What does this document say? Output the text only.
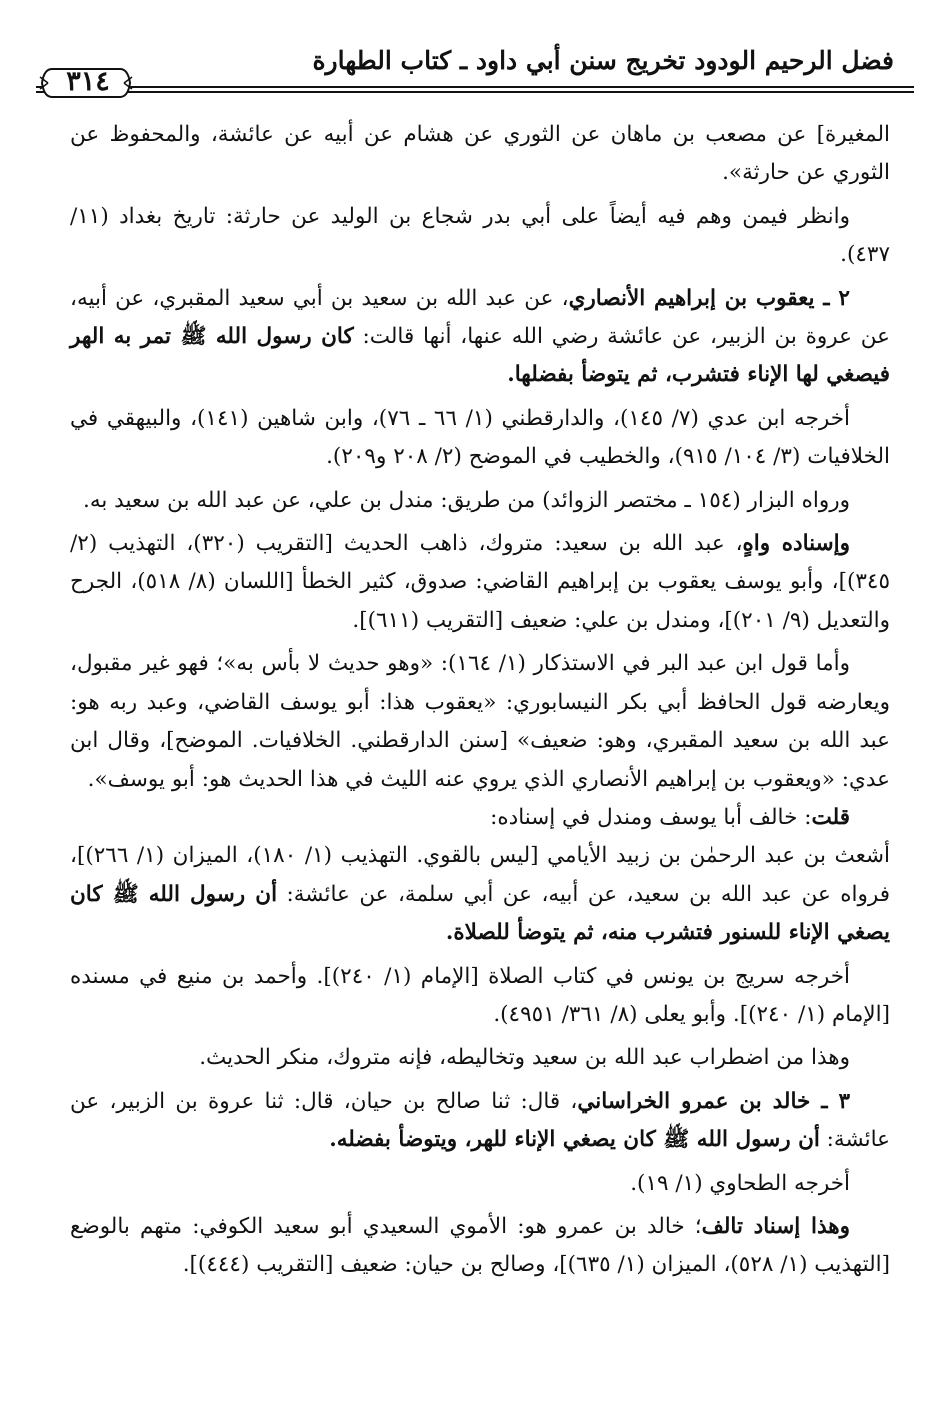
فضل الرحيم الودود تخريج سنن أبي داود ـ كتاب الطهارة
٣١٤

المغيرة] عن مصعب بن ماهان عن الثوري عن هشام عن أبيه عن عائشة، والمحفوظ عن الثوري عن حارثة».

وانظر فيمن وهم فيه أيضاً على أبي بدر شجاع بن الوليد عن حارثة: تاريخ بغداد (١١/ ٤٣٧).

٢ ـ يعقوب بن إبراهيم الأنصاري، عن عبد الله بن سعيد بن أبي سعيد المقبري، عن أبيه، عن عروة بن الزبير، عن عائشة رضي الله عنها، أنها قالت: كان رسول الله ﷺ تمر به الهر فيصغي لها الإناء فتشرب، ثم يتوضأ بفضلها.

أخرجه ابن عدي (٧/ ١٤٥)، والدارقطني (١/ ٦٦ ـ ٧٦)، وابن شاهين (١٤١)، والبيهقي في الخلافيات (٣/ ١٠٤/ ٩١٥)، والخطيب في الموضح (٢/ ٢٠٨ و٢٠٩).

ورواه البزار (١٥٤ ـ مختصر الزوائد) من طريق: مندل بن علي، عن عبد الله بن سعيد به.

وإسناده واهٍ، عبد الله بن سعيد: متروك، ذاهب الحديث [التقريب (٣٢٠)، التهذيب (٢/ ٣٤٥)]، وأبو يوسف يعقوب بن إبراهيم القاضي: صدوق، كثير الخطأ [اللسان (٨/ ٥١٨)، الجرح والتعديل (٩/ ٢٠١)]، ومندل بن علي: ضعيف [التقريب (٦١١)].

وأما قول ابن عبد البر في الاستذكار (١/ ١٦٤): «وهو حديث لا بأس به»؛ فهو غير مقبول، ويعارضه قول الحافظ أبي بكر النيسابوري: «يعقوب هذا: أبو يوسف القاضي، وعبد ربه هو: عبد الله بن سعيد المقبري، وهو: ضعيف» [سنن الدارقطني. الخلافيات. الموضح]، وقال ابن عدي: «ويعقوب بن إبراهيم الأنصاري الذي يروي عنه الليث في هذا الحديث هو: أبو يوسف».

قلت: خالف أبا يوسف ومندل في إسناده:

أشعث بن عبد الرحمٰن بن زبيد الأيامي [ليس بالقوي. التهذيب (١/ ١٨٠)، الميزان (١/ ٢٦٦)]، فرواه عن عبد الله بن سعيد، عن أبيه، عن أبي سلمة، عن عائشة: أن رسول الله ﷺ كان يصغي الإناء للسنور فتشرب منه، ثم يتوضأ للصلاة.

أخرجه سريج بن يونس في كتاب الصلاة [الإمام (١/ ٢٤٠)]. وأحمد بن منيع في مسنده [الإمام (١/ ٢٤٠)]. وأبو يعلى (٨/ ٣٦١/ ٤٩٥١).

وهذا من اضطراب عبد الله بن سعيد وتخاليطه، فإنه متروك، منكر الحديث.

٣ ـ خالد بن عمرو الخراساني، قال: ثنا صالح بن حيان، قال: ثنا عروة بن الزبير، عن عائشة: أن رسول الله ﷺ كان يصغي الإناء للهر، ويتوضأ بفضله.

أخرجه الطحاوي (١/ ١٩).

وهذا إسناد تالف؛ خالد بن عمرو هو: الأموي السعيدي أبو سعيد الكوفي: متهم بالوضع [التهذيب (١/ ٥٢٨)، الميزان (١/ ٦٣٥)]، وصالح بن حيان: ضعيف [التقريب (٤٤٤)].
